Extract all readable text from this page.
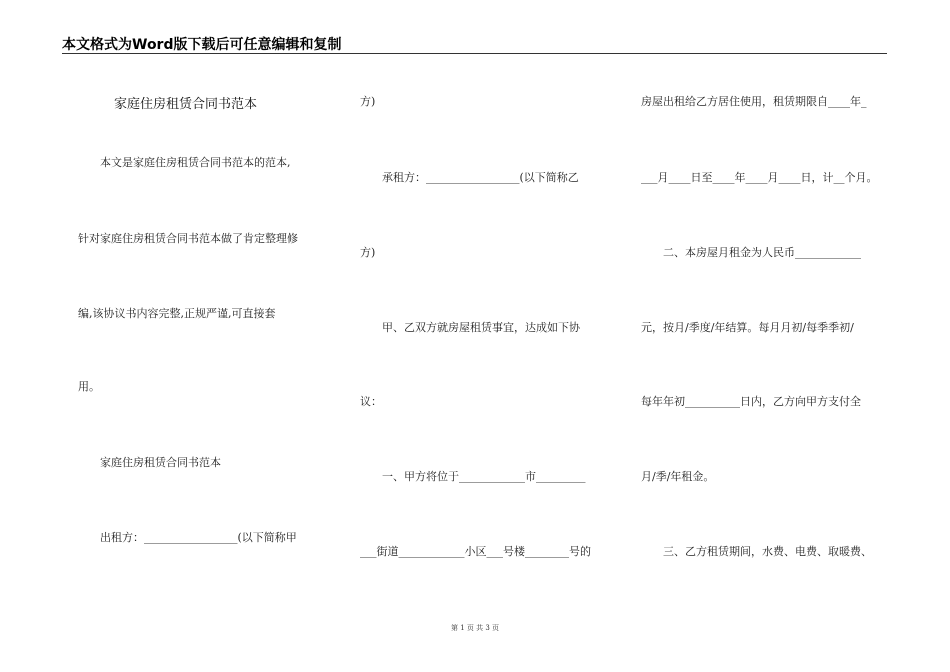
本文格式为Word版下载后可任意编辑和复制
家庭住房租赁合同书范本
本文是家庭住房租赁合同书范本的范本,
针对家庭住房租赁合同书范本做了肯定整理修
编,该协议书内容完整,正规严谨,可直接套
用。
家庭住房租赁合同书范本
出租方：_________________(以下简称甲
方)
承租方：_________________(以下简称乙
方)
甲、乙双方就房屋租赁事宜，达成如下协
议：
一、甲方将位于____________市_________
___街道____________小区___号楼________号的
房屋出租给乙方居住使用，租赁期限自____年_
___月____日至____年____月____日，计__个月。
二、本房屋月租金为人民币____________
元，按月/季度/年结算。每月月初/每季季初/
每年年初__________日内，乙方向甲方支付全
月/季/年租金。
三、乙方租赁期间，水费、电费、取暖费、
第 1 页 共 3 页
